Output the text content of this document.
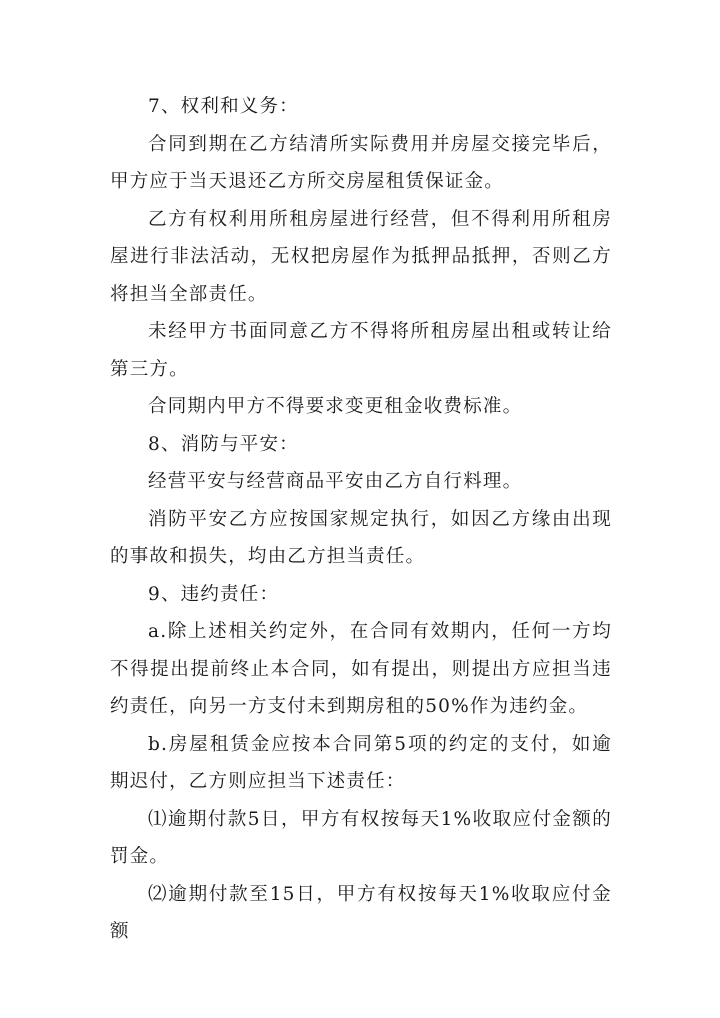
7、权利和义务：

合同到期在乙方结清所实际费用并房屋交接完毕后，甲方应于当天退还乙方所交房屋租赁保证金。

乙方有权利用所租房屋进行经营，但不得利用所租房屋进行非法活动，无权把房屋作为抵押品抵押，否则乙方将担当全部责任。

未经甲方书面同意乙方不得将所租房屋出租或转让给第三方。

合同期内甲方不得要求变更租金收费标准。

8、消防与平安：

经营平安与经营商品平安由乙方自行料理。

消防平安乙方应按国家规定执行，如因乙方缘由出现的事故和损失，均由乙方担当责任。

9、违约责任：

a.除上述相关约定外，在合同有效期内，任何一方均不得提出提前终止本合同，如有提出，则提出方应担当违约责任，向另一方支付未到期房租的50%作为违约金。

b.房屋租赁金应按本合同第5项的约定的支付，如逾期迟付，乙方则应担当下述责任：

⑴逾期付款5日，甲方有权按每天1%收取应付金额的罚金。

⑵逾期付款至15日，甲方有权按每天1%收取应付金额
